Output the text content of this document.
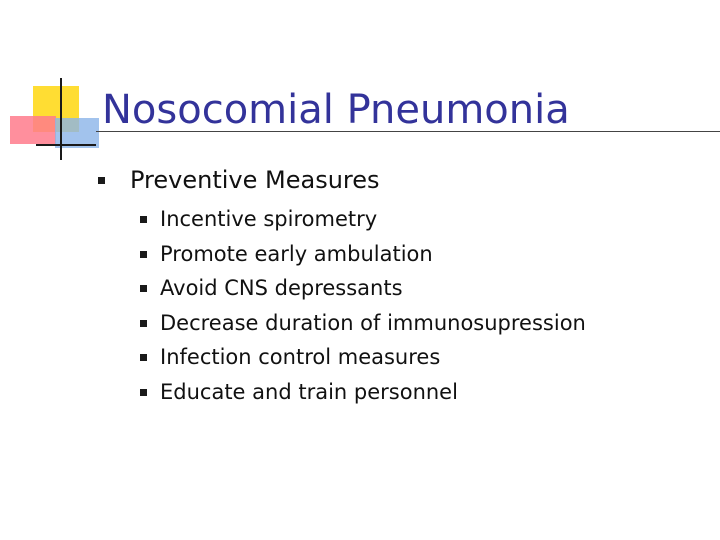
Nosocomial Pneumonia
Preventive Measures
Incentive spirometry
Promote early ambulation
Avoid CNS depressants
Decrease duration of immunosupression
Infection control measures
Educate and train personnel
